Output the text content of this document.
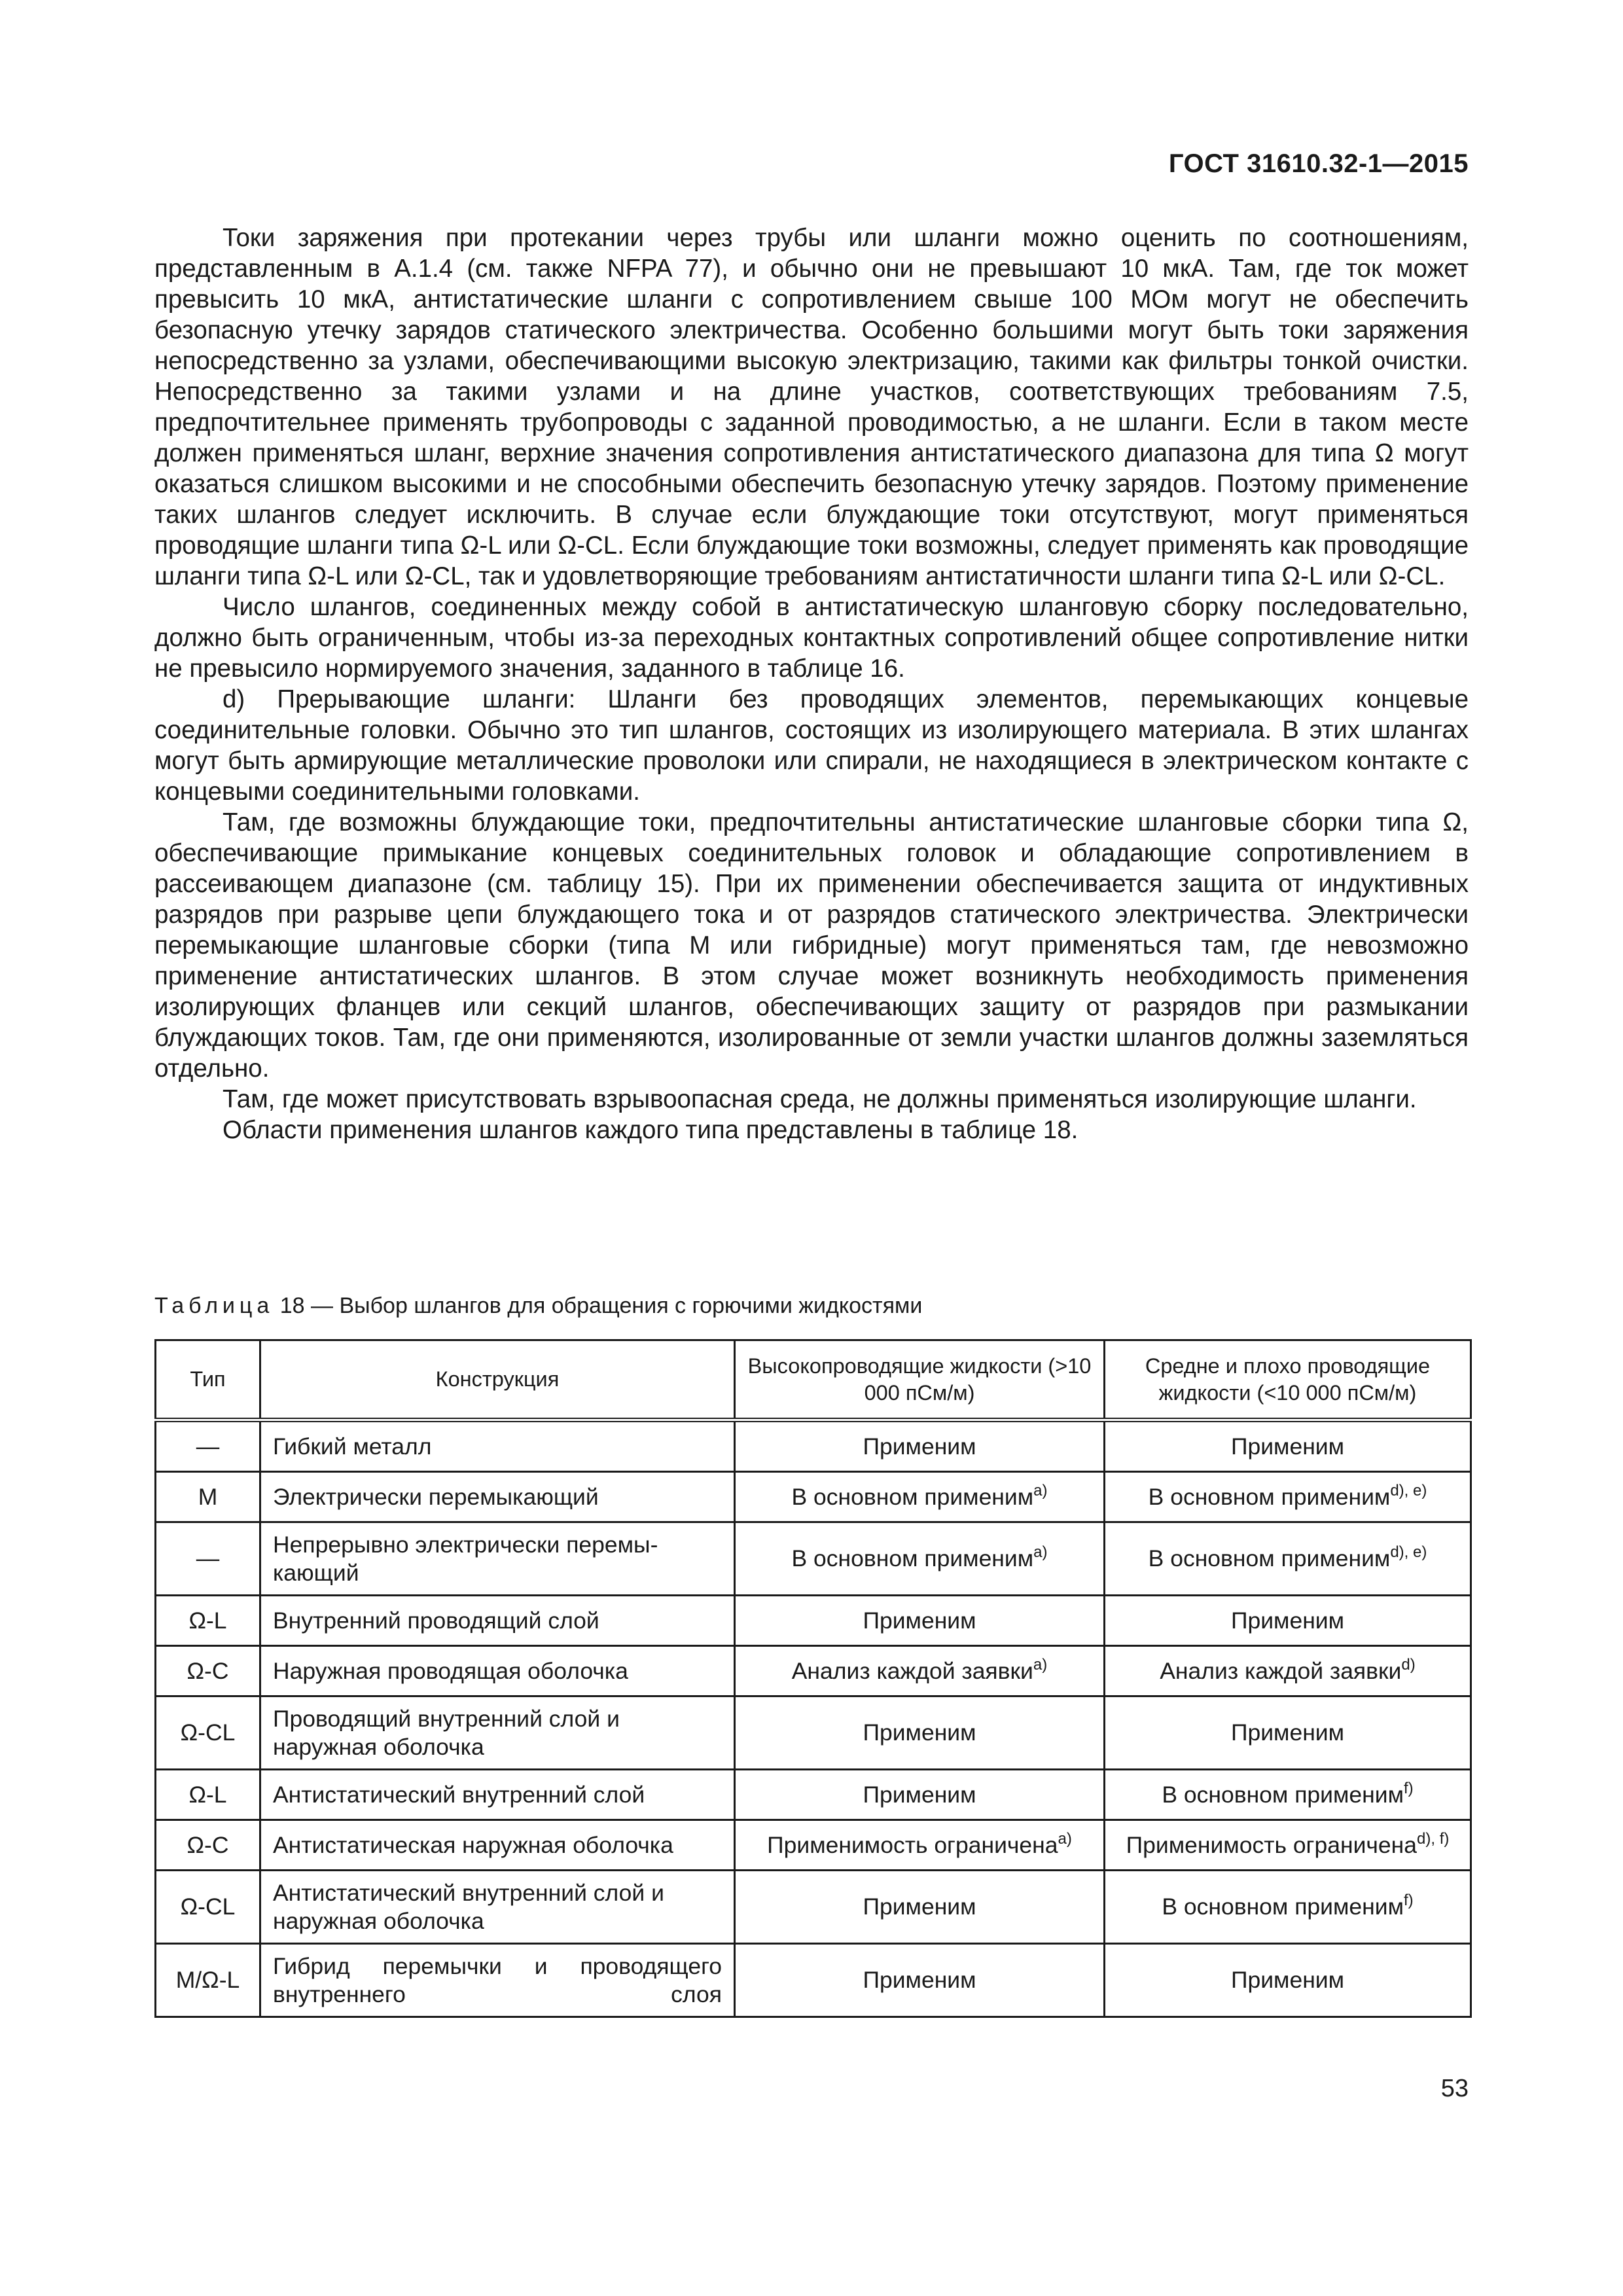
ГОСТ 31610.32-1—2015

Токи заряжения при протекании через трубы или шланги можно оценить по соотношениям, представленным в А.1.4 (см. также NFPA 77), и обычно они не превышают 10 мкА. Там, где ток может превысить 10 мкА, антистатические шланги с сопротивлением свыше 100 МОм могут не обеспечить безопасную утечку зарядов статического электричества. Особенно большими могут быть токи заряжения непосредственно за узлами, обеспечивающими высокую электризацию, такими как фильтры тонкой очистки. Непосредственно за такими узлами и на длине участков, соответствующих требованиям 7.5, предпочтительнее применять трубопроводы с заданной проводимостью, а не шланги. Если в таком месте должен применяться шланг, верхние значения сопротивления антистатического диапазона для типа Ω могут оказаться слишком высокими и не способными обеспечить безопасную утечку зарядов. Поэтому применение таких шлангов следует исключить. В случае если блуждающие токи отсутствуют, могут применяться проводящие шланги типа Ω-L или Ω-CL. Если блуждающие токи возможны, следует применять как проводящие шланги типа Ω-L или Ω-CL, так и удовлетворяющие требованиям антистатичности шланги типа Ω-L или Ω-CL.

Число шлангов, соединенных между собой в антистатическую шланговую сборку последовательно, должно быть ограниченным, чтобы из-за переходных контактных сопротивлений общее сопротивление нитки не превысило нормируемого значения, заданного в таблице 16.

d) Прерывающие шланги: Шланги без проводящих элементов, перемыкающих концевые соединительные головки. Обычно это тип шлангов, состоящих из изолирующего материала. В этих шлангах могут быть армирующие металлические проволоки или спирали, не находящиеся в электрическом контакте с концевыми соединительными головками.

Там, где возможны блуждающие токи, предпочтительны антистатические шланговые сборки типа Ω, обеспечивающие примыкание концевых соединительных головок и обладающие сопротивлением в рассеивающем диапазоне (см. таблицу 15). При их применении обеспечивается защита от индуктивных разрядов при разрыве цепи блуждающего тока и от разрядов статического электричества. Электрически перемыкающие шланговые сборки (типа М или гибридные) могут применяться там, где невозможно применение антистатических шлангов. В этом случае может возникнуть необходимость применения изолирующих фланцев или секций шлангов, обеспечивающих защиту от разрядов при размыкании блуждающих токов. Там, где они применяются, изолированные от земли участки шлангов должны заземляться отдельно.

Там, где может присутствовать взрывоопасная среда, не должны применяться изолирующие шланги.

Области применения шлангов каждого типа представлены в таблице 18.

Таблица 18 — Выбор шлангов для обращения с горючими жидкостями
Тип	Конструкция	Высокопроводящие жидкости (>10 000 пСм/м)	Средне и плохо проводящие жидкости (<10 000 пСм/м)
—	Гибкий металл	Применим	Применим
М	Электрически перемыкающий	В основном применим$^{a)}$	В основном применим$^{d), e)}$
—	Непрерывно электрически перемы-кающий	В основном применим$^{a)}$	В основном применим$^{d), e)}$
Ω-L	Внутренний проводящий слой	Применим	Применим
Ω-С	Наружная проводящая оболочка	Анализ каждой заявки$^{a)}$	Анализ каждой заявки$^{d)}$
Ω-CL	Проводящий внутренний слой и наружная оболочка	Применим	Применим
Ω-L	Антистатический внутренний слой	Применим	В основном применим$^{f)}$
Ω-С	Антистатическая наружная оболочка	Применимость ограничена$^{a)}$	Применимость ограничена$^{d), f)}$
Ω-CL	Антистатический внутренний слой и наружная оболочка	Применим	В основном применим$^{f)}$
М/Ω-L	Гибрид перемычки и проводящего внутреннего слоя	Применим	Применим
53
